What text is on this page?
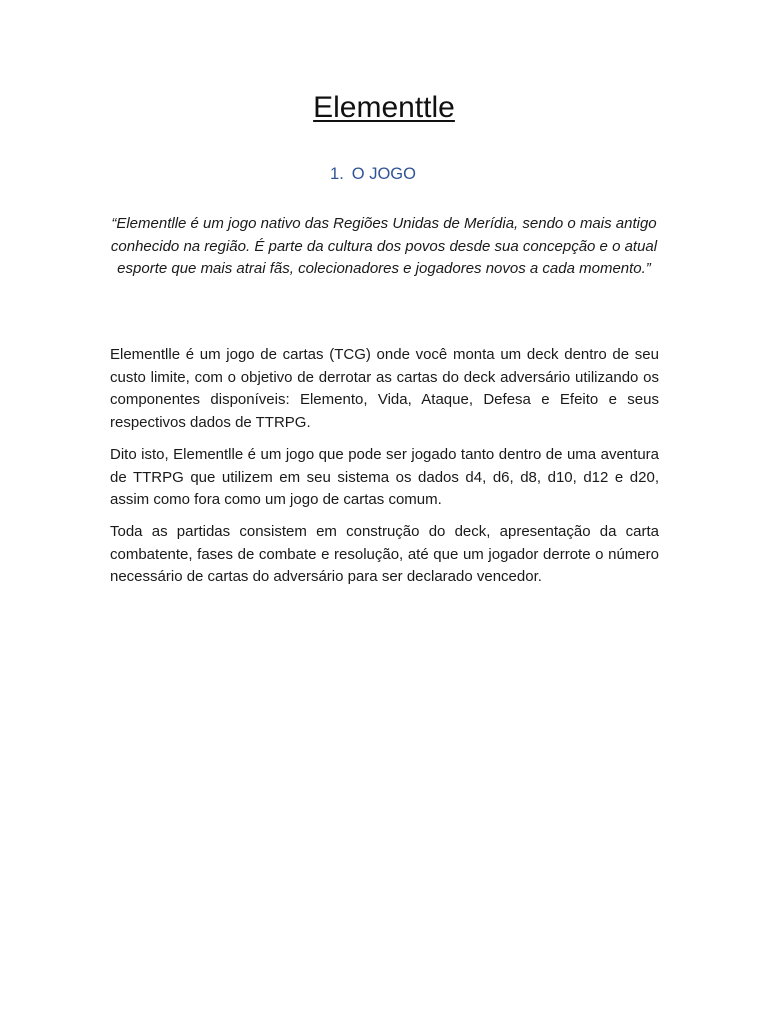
Elementtle
1. O JOGO

“Elementlle é um jogo nativo das Regiões Unidas de Merídia, sendo o mais antigo conhecido na região. É parte da cultura dos povos desde sua concepção e o atual esporte que mais atrai fãs, colecionadores e jogadores novos a cada momento.”

Elementlle é um jogo de cartas (TCG) onde você monta um deck dentro de seu custo limite, com o objetivo de derrotar as cartas do deck adversário utilizando os componentes disponíveis: Elemento, Vida, Ataque, Defesa e Efeito e seus respectivos dados de TTRPG.

Dito isto, Elementlle é um jogo que pode ser jogado tanto dentro de uma aventura de TTRPG que utilizem em seu sistema os dados d4, d6, d8, d10, d12 e d20, assim como fora como um jogo de cartas comum.

Toda as partidas consistem em construção do deck, apresentação da carta combatente, fases de combate e resolução, até que um jogador derrote o número necessário de cartas do adversário para ser declarado vencedor.
